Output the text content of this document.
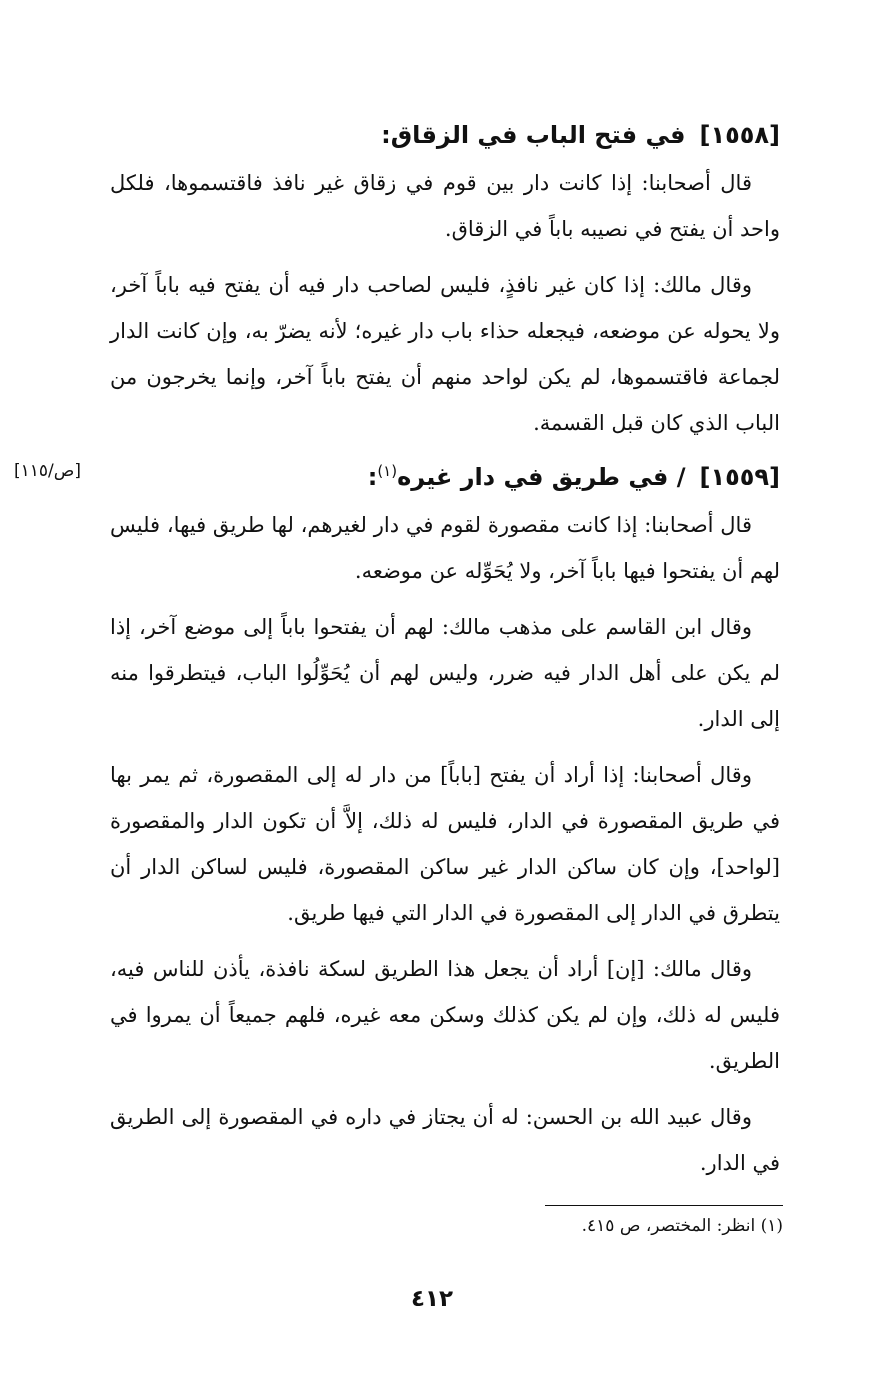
[١٥٥٨]في فتح الباب في الزقاق:

قال أصحابنا: إذا كانت دار بين قوم في زقاق غير نافذ فاقتسموها، فلكل واحد أن يفتح في نصيبه باباً في الزقاق.

وقال مالك: إذا كان غير نافذٍ، فليس لصاحب دار فيه أن يفتح فيه باباً آخر، ولا يحوله عن موضعه، فيجعله حذاء باب دار غيره؛ لأنه يضرّ به، وإن كانت الدار لجماعة فاقتسموها، لم يكن لواحد منهم أن يفتح باباً آخر، وإنما يخرجون من الباب الذي كان قبل القسمة.

[ص/١١٥]	[١٥٥٩]/ في طريق في دار غيره$^{(١)}$:

قال أصحابنا: إذا كانت مقصورة لقوم في دار لغيرهم، لها طريق فيها، فليس لهم أن يفتحوا فيها باباً آخر، ولا يُحَوِّله عن موضعه.

وقال ابن القاسم على مذهب مالك: لهم أن يفتحوا باباً إلى موضع آخر، إذا لم يكن على أهل الدار فيه ضرر، وليس لهم أن يُحَوِّلُوا الباب، فيتطرقوا منه إلى الدار.

وقال أصحابنا: إذا أراد أن يفتح [باباً] من دار له إلى المقصورة، ثم يمر بها في طريق المقصورة في الدار، فليس له ذلك، إلاَّ أن تكون الدار والمقصورة [لواحد]، وإن كان ساكن الدار غير ساكن المقصورة، فليس لساكن الدار أن يتطرق في الدار إلى المقصورة في الدار التي فيها طريق.

وقال مالك: [إن] أراد أن يجعل هذا الطريق لسكة نافذة، يأذن للناس فيه، فليس له ذلك، وإن لم يكن كذلك وسكن معه غيره، فلهم جميعاً أن يمروا في الطريق.

وقال عبيد الله بن الحسن: له أن يجتاز في داره في المقصورة إلى الطريق في الدار.

(١) انظر: المختصر، ص ٤١٥.

٤١٢
